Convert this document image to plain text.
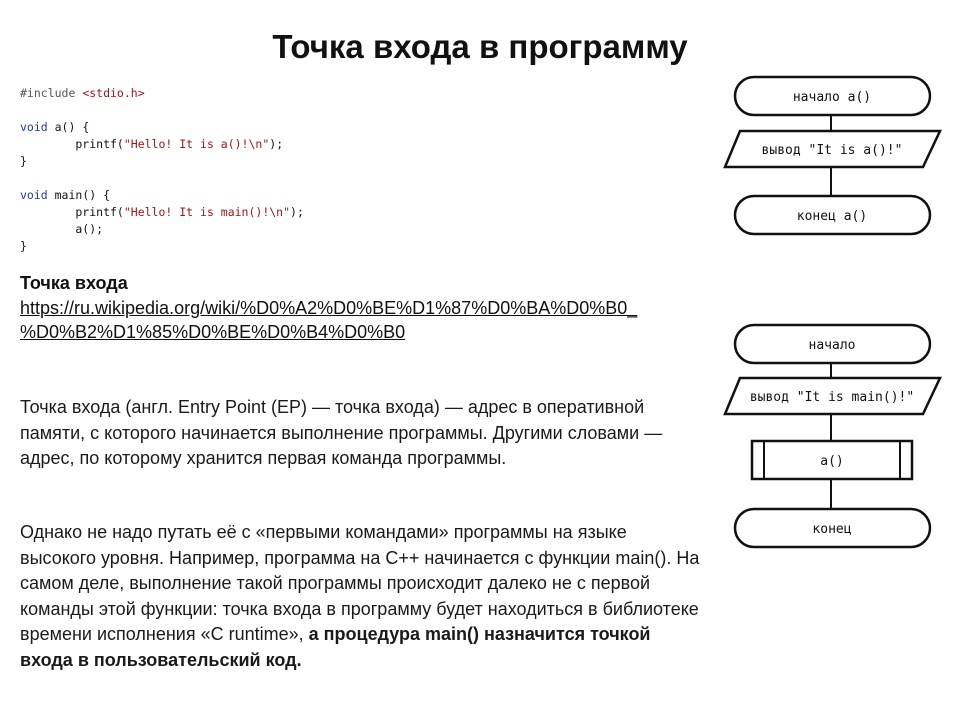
Точка входа в программу
#include <stdio.h>

void a() {
printf("Hello! It is a()!\n");
}

void main() {
printf("Hello! It is main()!\n");
a();
}
Точка входа
https://ru.wikipedia.org/wiki/%D0%A2%D0%BE%D1%87%D0%BA%D0%B0_
%D0%B2%D1%85%D0%BE%D0%B4%D0%B0

Точка входа (англ. Entry Point (EP) — точка входа) — адрес в оперативной памяти, с которого начинается выполнение программы. Другими словами — адрес, по которому хранится первая команда программы.

Однако не надо путать её с «первыми командами» программы на языке высокого уровня. Например, программа на C++ начинается с функции main(). На самом деле, выполнение такой программы происходит далеко не с первой команды этой функции: точка входа в программу будет находиться в библиотеке времени исполнения «C runtime», а процедура main() назначится точкой входа в пользовательский код.

начало a()
вывод "It is a()!"
конец a()
начало
вывод "It is main()!"
a()
конец
